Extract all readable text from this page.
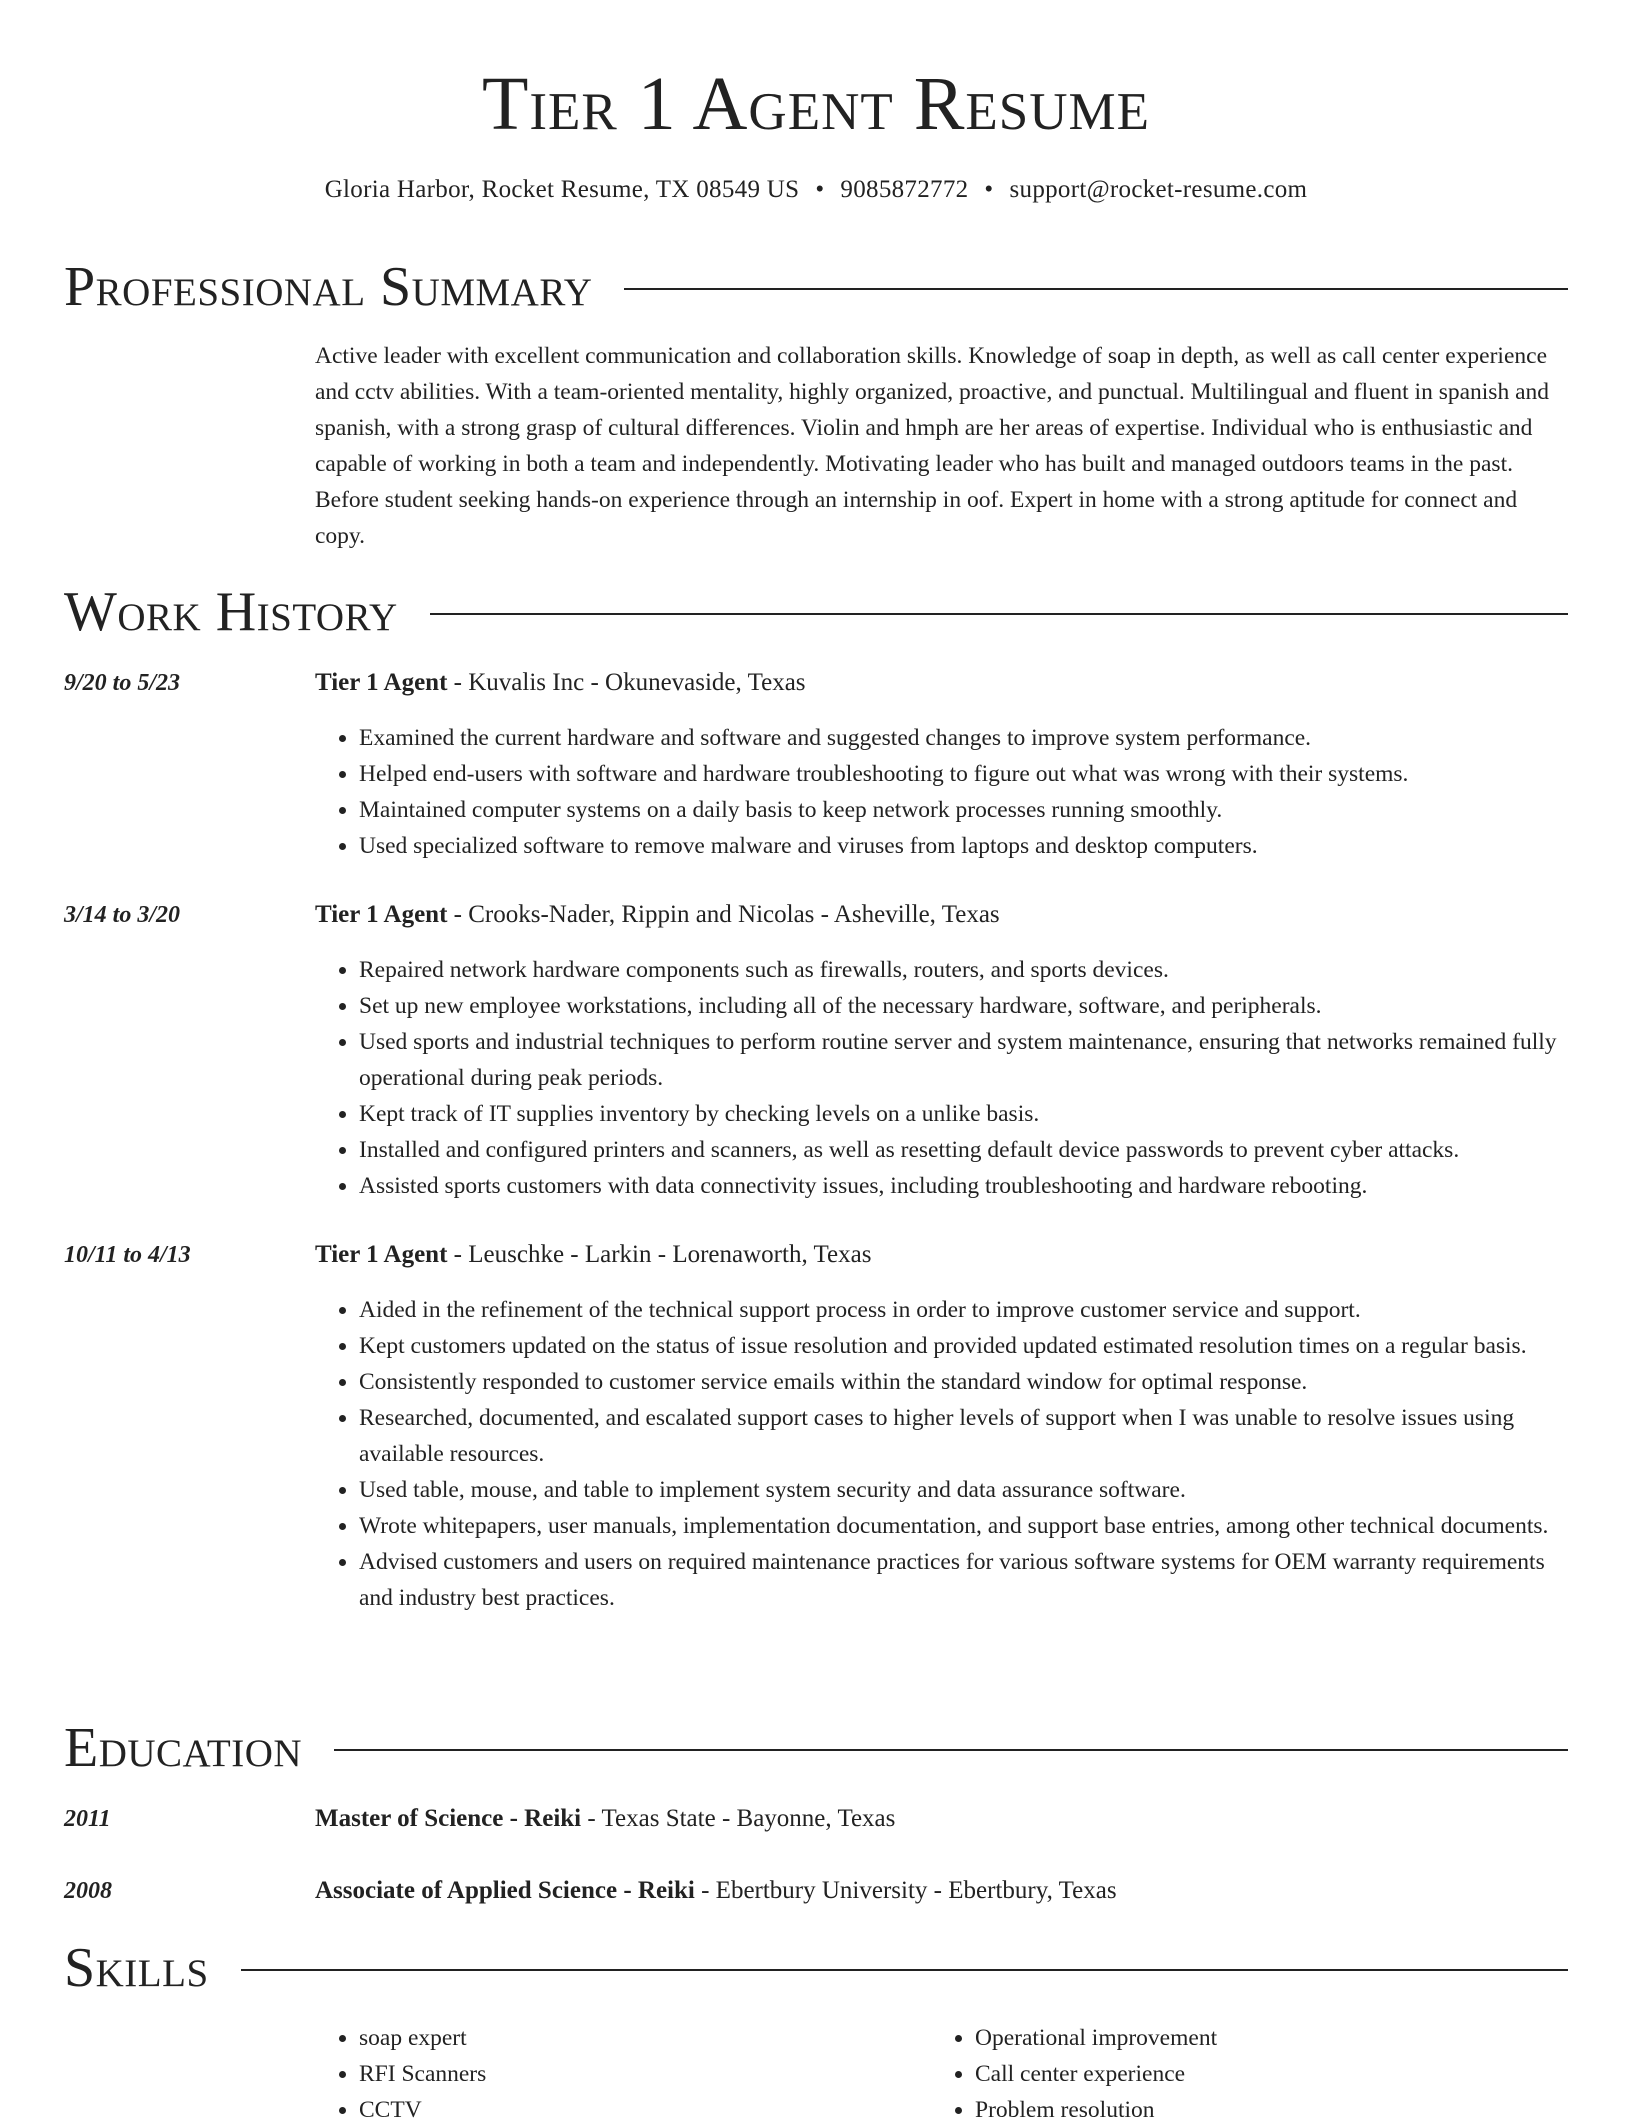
Tier 1 Agent Resume
Gloria Harbor, Rocket Resume, TX 08549 US • 9085872772 • support@rocket-resume.com
Professional Summary

Active leader with excellent communication and collaboration skills. Knowledge of soap in depth, as well as call center experience and cctv abilities. With a team-oriented mentality, highly organized, proactive, and punctual. Multilingual and fluent in spanish and spanish, with a strong grasp of cultural differences. Violin and hmph are her areas of expertise. Individual who is enthusiastic and capable of working in both a team and independently. Motivating leader who has built and managed outdoors teams in the past. Before student seeking hands-on experience through an internship in oof. Expert in home with a strong aptitude for connect and copy.

Work History
9/20 to 5/23	Tier 1 Agent - Kuvalis Inc - Okunevaside, Texas
• Examined the current hardware and software and suggested changes to improve system performance.
• Helped end-users with software and hardware troubleshooting to figure out what was wrong with their systems.
• Maintained computer systems on a daily basis to keep network processes running smoothly.
• Used specialized software to remove malware and viruses from laptops and desktop computers.
3/14 to 3/20	Tier 1 Agent - Crooks-Nader, Rippin and Nicolas - Asheville, Texas
• Repaired network hardware components such as firewalls, routers, and sports devices.
• Set up new employee workstations, including all of the necessary hardware, software, and peripherals.
• Used sports and industrial techniques to perform routine server and system maintenance, ensuring that networks remained fully operational during peak periods.
• Kept track of IT supplies inventory by checking levels on a unlike basis.
• Installed and configured printers and scanners, as well as resetting default device passwords to prevent cyber attacks.
• Assisted sports customers with data connectivity issues, including troubleshooting and hardware rebooting.
10/11 to 4/13	Tier 1 Agent - Leuschke - Larkin - Lorenaworth, Texas
• Aided in the refinement of the technical support process in order to improve customer service and support.
• Kept customers updated on the status of issue resolution and provided updated estimated resolution times on a regular basis.
• Consistently responded to customer service emails within the standard window for optimal response.
• Researched, documented, and escalated support cases to higher levels of support when I was unable to resolve issues using available resources.
• Used table, mouse, and table to implement system security and data assurance software.
• Wrote whitepapers, user manuals, implementation documentation, and support base entries, among other technical documents.
• Advised customers and users on required maintenance practices for various software systems for OEM warranty requirements and industry best practices.
Education
2011	Master of Science - Reiki - Texas State - Bayonne, Texas
2008	Associate of Applied Science - Reiki - Ebertbury University - Ebertbury, Texas
Skills
• soap expert
• RFI Scanners
• CCTV
• Operational improvement
• Call center experience
• Problem resolution
